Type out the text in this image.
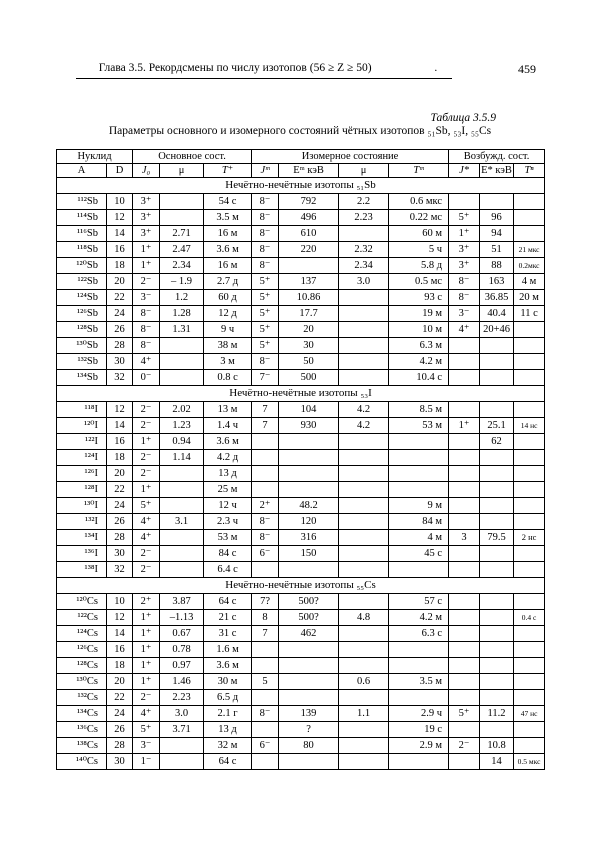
Глава 3.5. Рекордсмены по числу изотопов (56 ≥ Z ≥ 50)	.	459
Таблица 3.5.9
Параметры основного и изомерного состояний чётных изотопов ₅₁Sb, ₅₃I, ₅₅Cs
Нуклид		Основное сост.			Изомерное состояние				Возбужд. сост.		
A	D	J₀	μ	T⁺	Jᵐ	Eᵐ кэВ	μ	Tᵐ	J*	E* кэВ	Tⁿ
Нечётно-нечётные изотопы ₅₁Sb											
¹¹²Sb	10	3⁺		54 с	8⁻	792	2.2	0.6 мкс			
¹¹⁴Sb	12	3⁺		3.5 м	8⁻	496	2.23	0.22 мс	5⁺	96	
¹¹⁶Sb	14	3⁺	2.71	16 м	8⁻	610		60 м	1⁺	94	
¹¹⁸Sb	16	1⁺	2.47	3.6 м	8⁻	220	2.32	5 ч	3⁺	51	21 мкс
¹²⁰Sb	18	1⁺	2.34	16 м	8⁻		2.34	5.8 д	3⁺	88	0.2мкс
¹²²Sb	20	2⁻	– 1.9	2.7 д	5⁺	137	3.0	0.5 мс	8⁻	163	4 м
¹²⁴Sb	22	3⁻	1.2	60 д	5⁺	10.86		93 с	8⁻	36.85	20 м
¹²⁶Sb	24	8⁻	1.28	12 д	5⁺	17.7		19 м	3⁻	40.4	11 с
¹²⁸Sb	26	8⁻	1.31	9 ч	5⁺	20		10 м	4⁺	20+46	
¹³⁰Sb	28	8⁻		38 м	5⁺	30		6.3 м			
¹³²Sb	30	4⁺		3 м	8⁻	50		4.2 м			
¹³⁴Sb	32	0⁻		0.8 с	7⁻	500		10.4 с			
Нечётно-нечётные изотопы ₅₃I											
¹¹⁸I	12	2⁻	2.02	13 м	7	104	4.2	8.5 м			
¹²⁰I	14	2⁻	1.23	1.4 ч	7	930	4.2	53 м	1⁺	25.1	14 нс
¹²²I	16	1⁺	0.94	3.6 м						62	
¹²⁴I	18	2⁻	1.14	4.2 д							
¹²⁶I	20	2⁻		13 д							
¹²⁸I	22	1⁺		25 м							
¹³⁰I	24	5⁺		12 ч	2⁺	48.2		9 м			
¹³²I	26	4⁺	3.1	2.3 ч	8⁻	120		84 м			
¹³⁴I	28	4⁺		53 м	8⁻	316		4 м	3	79.5	2 нс
¹³⁶I	30	2⁻		84 с	6⁻	150		45 с			
¹³⁸I	32	2⁻		6.4 с							
Нечётно-нечётные изотопы ₅₅Cs											
¹²⁰Cs	10	2⁺	3.87	64 с	7?	500?		57 с			
¹²²Cs	12	1⁺	–1.13	21 с	8	500?	4.8	4.2 м			0.4 с
¹²⁴Cs	14	1⁺	0.67	31 с	7	462		6.3 с			
¹²⁶Cs	16	1⁺	0.78	1.6 м							
¹²⁸Cs	18	1⁺	0.97	3.6 м							
¹³⁰Cs	20	1⁺	1.46	30 м	5		0.6	3.5 м			
¹³²Cs	22	2⁻	2.23	6.5 д							
¹³⁴Cs	24	4⁺	3.0	2.1 г	8⁻	139	1.1	2.9 ч	5⁺	11.2	47 нс
¹³⁶Cs	26	5⁺	3.71	13 д		?		19 с			
¹³⁸Cs	28	3⁻		32 м	6⁻	80		2.9 м	2⁻	10.8	
¹⁴⁰Cs	30	1⁻		64 с						14	0.5 мкс
